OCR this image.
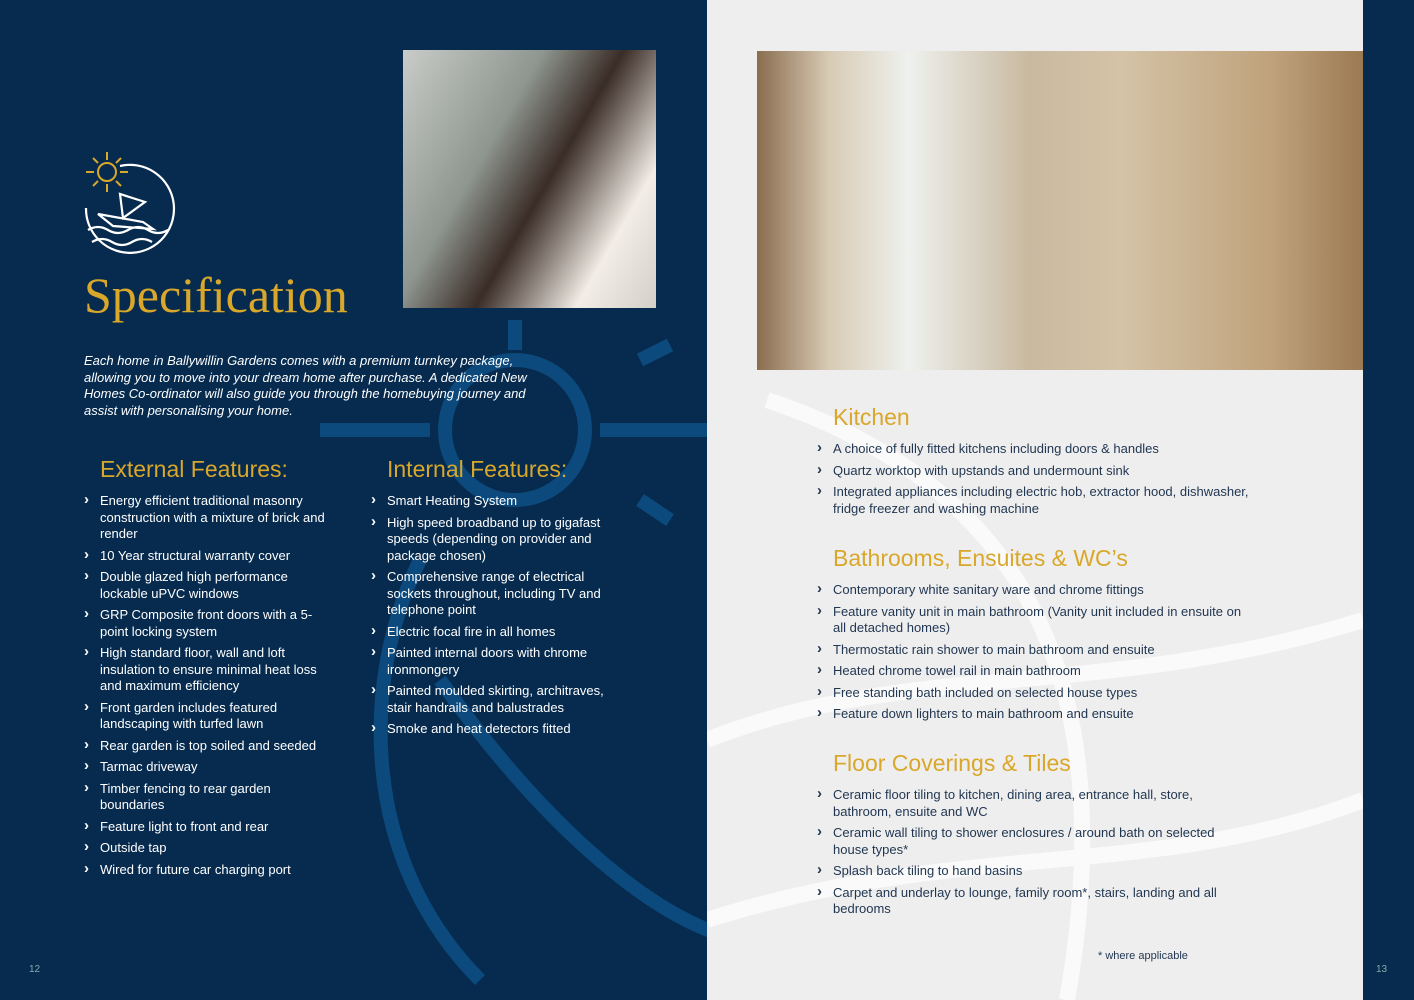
Specification

Each home in Ballywillin Gardens comes with a premium turnkey package, allowing you to move into your dream home after purchase. A dedicated New Homes Co-ordinator will also guide you through the homebuying journey and assist with personalising your home.

External Features:
› Energy efficient traditional masonry construction with a mixture of brick and render
› 10 Year structural warranty cover
› Double glazed high performance lockable uPVC windows
› GRP Composite front doors with a 5-point locking system
› High standard floor, wall and loft insulation to ensure minimal heat loss and maximum efficiency
› Front garden includes featured landscaping with turfed lawn
› Rear garden is top soiled and seeded
› Tarmac driveway
› Timber fencing to rear garden boundaries
› Feature light to front and rear
› Outside tap
› Wired for future car charging port
Internal Features:
› Smart Heating System
› High speed broadband up to gigafast speeds (depending on provider and package chosen)
› Comprehensive range of electrical sockets throughout, including TV and telephone point
› Electric focal fire in all homes
› Painted internal doors with chrome ironmongery
› Painted moulded skirting, architraves, stair handrails and balustrades
› Smoke and heat detectors fitted
12
Kitchen
› A choice of fully fitted kitchens including doors & handles
› Quartz worktop with upstands and undermount sink
› Integrated appliances including electric hob, extractor hood, dishwasher, fridge freezer and washing machine
Bathrooms, Ensuites & WC’s
› Contemporary white sanitary ware and chrome fittings
› Feature vanity unit in main bathroom (Vanity unit included in ensuite on all detached homes)
› Thermostatic rain shower to main bathroom and ensuite
› Heated chrome towel rail in main bathroom
› Free standing bath included on selected house types
› Feature down lighters to main bathroom and ensuite
Floor Coverings & Tiles
› Ceramic floor tiling to kitchen, dining area, entrance hall, store, bathroom, ensuite and WC
› Ceramic wall tiling to shower enclosures / around bath on selected house types*
› Splash back tiling to hand basins
› Carpet and underlay to lounge, family room*, stairs, landing and all bedrooms
* where applicable
13
